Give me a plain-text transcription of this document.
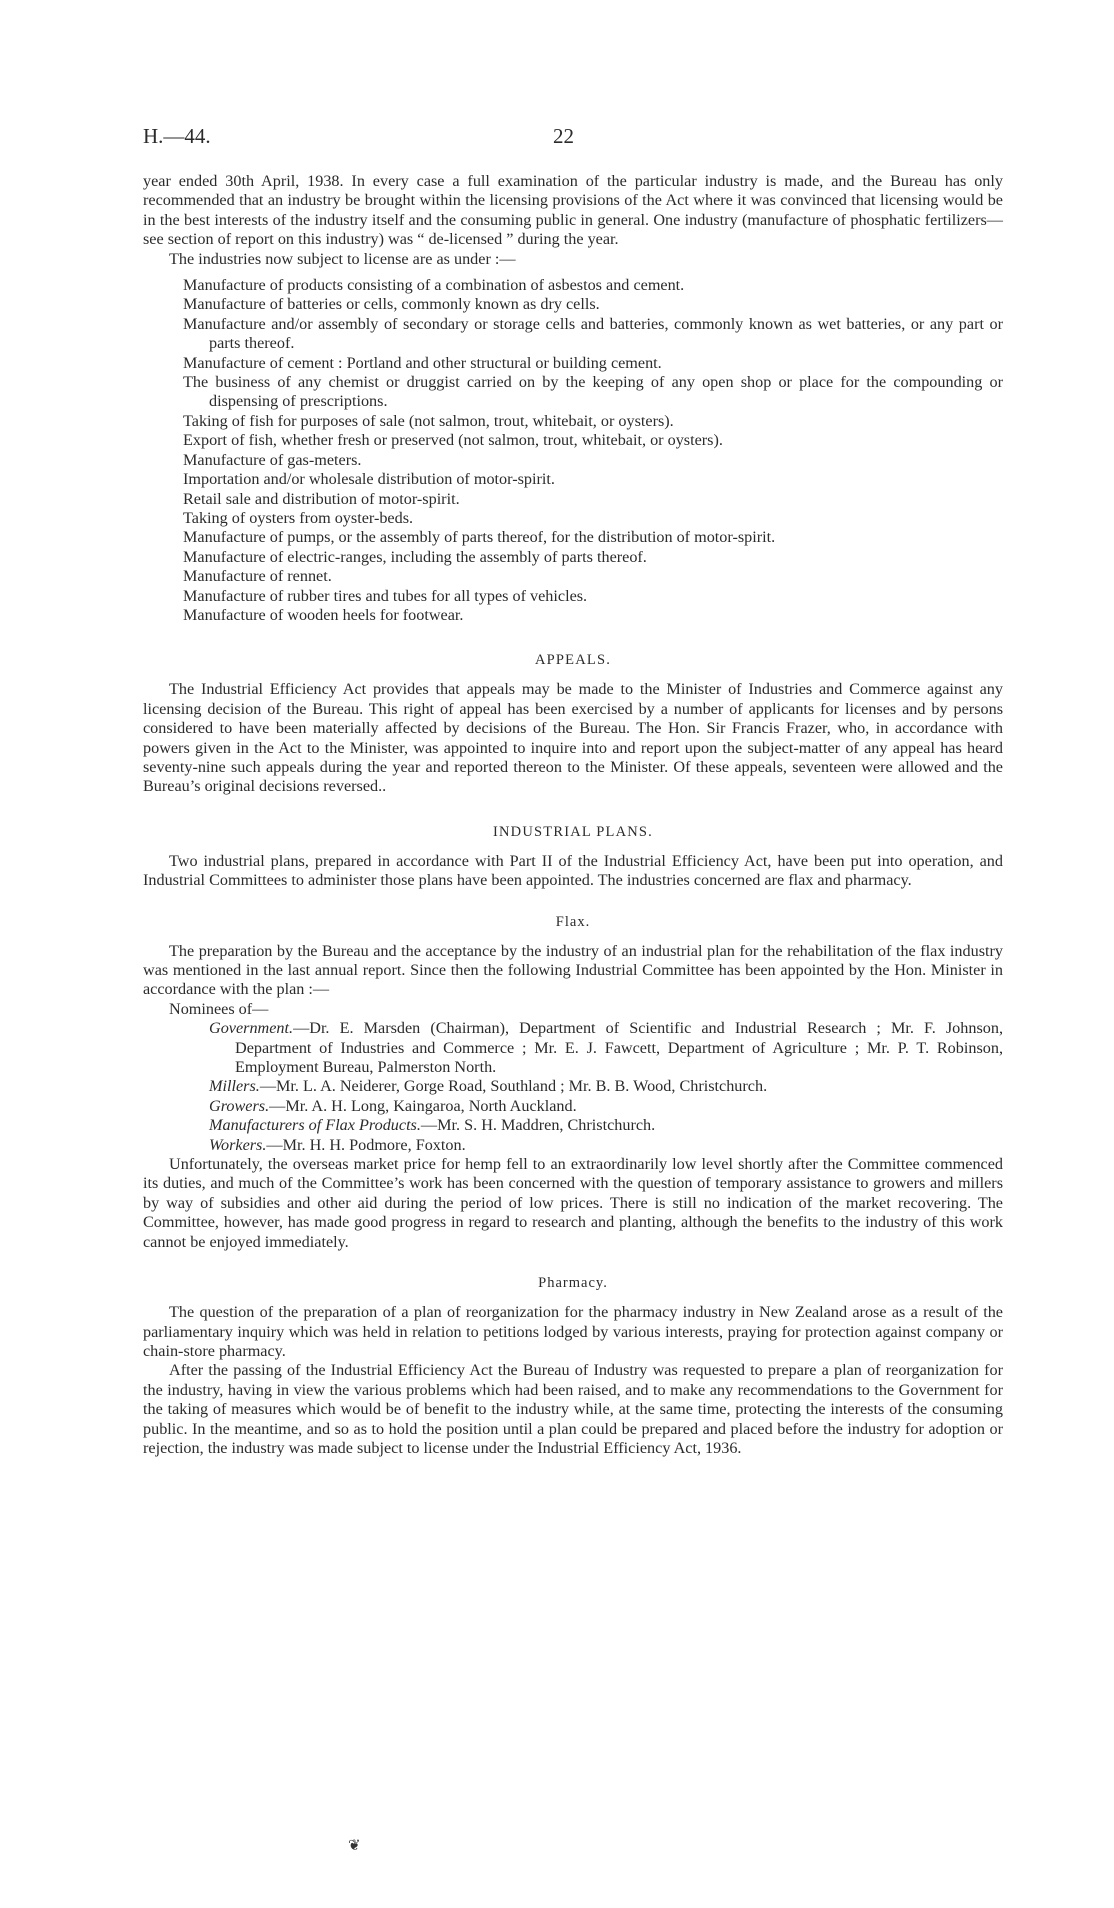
H.—44.	22

year ended 30th April, 1938. In every case a full examination of the particular industry is made, and the Bureau has only recommended that an industry be brought within the licensing provisions of the Act where it was convinced that licensing would be in the best interests of the industry itself and the consuming public in general. One industry (manufacture of phosphatic fertilizers—see section of report on this industry) was “ de-licensed ” during the year.

The industries now subject to license are as under :—

Manufacture of products consisting of a combination of asbestos and cement.
Manufacture of batteries or cells, commonly known as dry cells.
Manufacture and/or assembly of secondary or storage cells and batteries, commonly known as wet batteries, or any part or parts thereof.
Manufacture of cement : Portland and other structural or building cement.
The business of any chemist or druggist carried on by the keeping of any open shop or place for the compounding or dispensing of prescriptions.
Taking of fish for purposes of sale (not salmon, trout, whitebait, or oysters).
Export of fish, whether fresh or preserved (not salmon, trout, whitebait, or oysters).
Manufacture of gas-meters.
Importation and/or wholesale distribution of motor-spirit.
Retail sale and distribution of motor-spirit.
Taking of oysters from oyster-beds.
Manufacture of pumps, or the assembly of parts thereof, for the distribution of motor-spirit.
Manufacture of electric-ranges, including the assembly of parts thereof.
Manufacture of rennet.
Manufacture of rubber tires and tubes for all types of vehicles.
Manufacture of wooden heels for footwear.
APPEALS.

The Industrial Efficiency Act provides that appeals may be made to the Minister of Industries and Commerce against any licensing decision of the Bureau. This right of appeal has been exercised by a number of applicants for licenses and by persons considered to have been materially affected by decisions of the Bureau. The Hon. Sir Francis Frazer, who, in accordance with powers given in the Act to the Minister, was appointed to inquire into and report upon the subject-matter of any appeal has heard seventy-nine such appeals during the year and reported thereon to the Minister. Of these appeals, seventeen were allowed and the Bureau’s original decisions reversed..

INDUSTRIAL PLANS.

Two industrial plans, prepared in accordance with Part II of the Industrial Efficiency Act, have been put into operation, and Industrial Committees to administer those plans have been appointed. The industries concerned are flax and pharmacy.

Flax.

The preparation by the Bureau and the acceptance by the industry of an industrial plan for the rehabilitation of the flax industry was mentioned in the last annual report. Since then the following Industrial Committee has been appointed by the Hon. Minister in accordance with the plan :—

Nominees of—

Government.—Dr. E. Marsden (Chairman), Department of Scientific and Industrial Research ; Mr. F. Johnson, Department of Industries and Commerce ; Mr. E. J. Fawcett, Department of Agriculture ; Mr. P. T. Robinson, Employment Bureau, Palmerston North.

Millers.—Mr. L. A. Neiderer, Gorge Road, Southland ; Mr. B. B. Wood, Christchurch.

Growers.—Mr. A. H. Long, Kaingaroa, North Auckland.

Manufacturers of Flax Products.—Mr. S. H. Maddren, Christchurch.

Workers.—Mr. H. H. Podmore, Foxton.

Unfortunately, the overseas market price for hemp fell to an extraordinarily low level shortly after the Committee commenced its duties, and much of the Committee’s work has been concerned with the question of temporary assistance to growers and millers by way of subsidies and other aid during the period of low prices. There is still no indication of the market recovering. The Committee, however, has made good progress in regard to research and planting, although the benefits to the industry of this work cannot be enjoyed immediately.

Pharmacy.

The question of the preparation of a plan of reorganization for the pharmacy industry in New Zealand arose as a result of the parliamentary inquiry which was held in relation to petitions lodged by various interests, praying for protection against company or chain-store pharmacy.

After the passing of the Industrial Efficiency Act the Bureau of Industry was requested to prepare a plan of reorganization for the industry, having in view the various problems which had been raised, and to make any recommendations to the Government for the taking of measures which would be of benefit to the industry while, at the same time, protecting the interests of the consuming public. In the meantime, and so as to hold the position until a plan could be prepared and placed before the industry for adoption or rejection, the industry was made subject to license under the Industrial Efficiency Act, 1936.

❦
